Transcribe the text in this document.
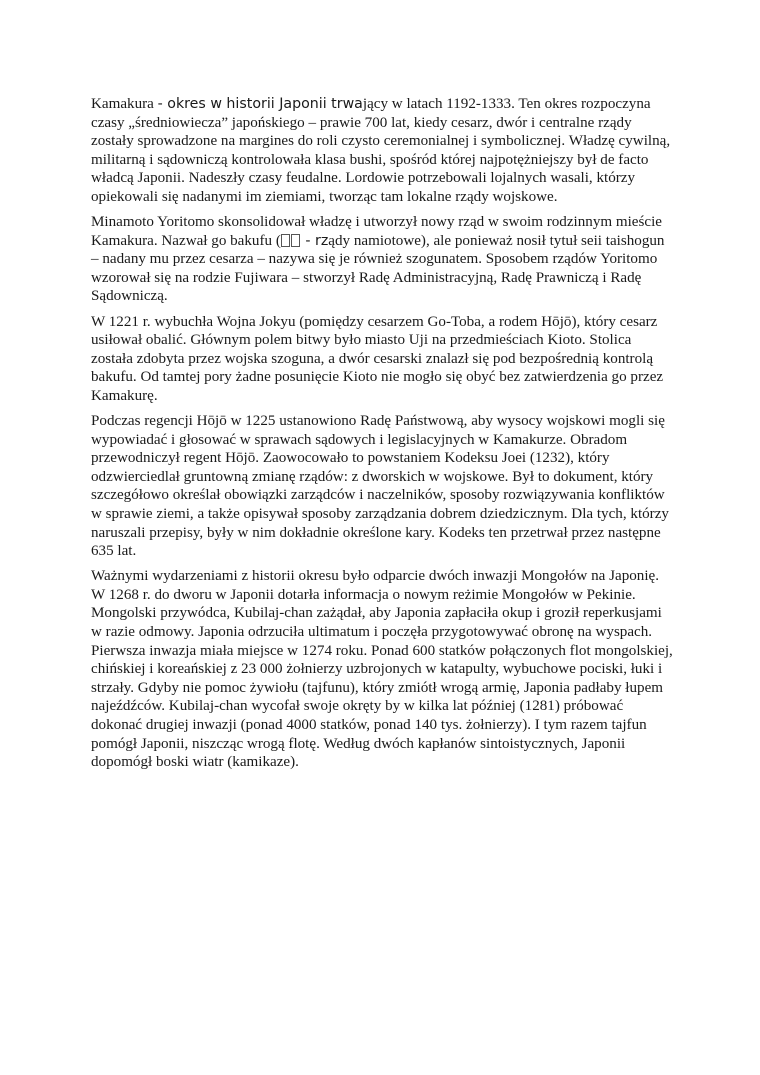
Kamakura - okres w historii Japonii trwający w latach 1192-1333. Ten okres rozpoczyna czasy „średniowiecza” japońskiego – prawie 700 lat, kiedy cesarz, dwór i centralne rządy zostały sprowadzone na margines do roli czysto ceremonialnej i symbolicznej. Władzę cywilną, militarną i sądowniczą kontrolowała klasa bushi, spośród której najpotężniejszy był de facto władcą Japonii. Nadeszły czasy feudalne. Lordowie potrzebowali lojalnych wasali, którzy opiekowali się nadanymi im ziemiami, tworząc tam lokalne rządy wojskowe.

Minamoto Yoritomo skonsolidował władzę i utworzył nowy rząd w swoim rodzinnym mieście Kamakura. Nazwał go bakufu ( - rządy namiotowe), ale ponieważ nosił tytuł seii taishogun – nadany mu przez cesarza – nazywa się je również szogunatem. Sposobem rządów Yoritomo wzorował się na rodzie Fujiwara – stworzył Radę Administracyjną, Radę Prawniczą i Radę Sądowniczą.

W 1221 r. wybuchła Wojna Jokyu (pomiędzy cesarzem Go-Toba, a rodem Hōjō), który cesarz usiłował obalić. Głównym polem bitwy było miasto Uji na przedmieściach Kioto. Stolica została zdobyta przez wojska szoguna, a dwór cesarski znalazł się pod bezpośrednią kontrolą bakufu. Od tamtej pory żadne posunięcie Kioto nie mogło się obyć bez zatwierdzenia go przez Kamakurę.

Podczas regencji Hōjō w 1225 ustanowiono Radę Państwową, aby wysocy wojskowi mogli się wypowiadać i głosować w sprawach sądowych i legislacyjnych w Kamakurze. Obradom przewodniczył regent Hōjō. Zaowocowało to powstaniem Kodeksu Joei (1232), który odzwierciedlał gruntowną zmianę rządów: z dworskich w wojskowe. Był to dokument, który szczegółowo określał obowiązki zarządców i naczelników, sposoby rozwiązywania konfliktów w sprawie ziemi, a także opisywał sposoby zarządzania dobrem dziedzicznym. Dla tych, którzy naruszali przepisy, były w nim dokładnie określone kary. Kodeks ten przetrwał przez następne 635 lat.

Ważnymi wydarzeniami z historii okresu było odparcie dwóch inwazji Mongołów na Japonię. W 1268 r. do dworu w Japonii dotarła informacja o nowym reżimie Mongołów w Pekinie. Mongolski przywódca, Kubilaj-chan zażądał, aby Japonia zapłaciła okup i groził reperkusjami w razie odmowy. Japonia odrzuciła ultimatum i poczęła przygotowywać obronę na wyspach. Pierwsza inwazja miała miejsce w 1274 roku. Ponad 600 statków połączonych flot mongolskiej, chińskiej i koreańskiej z 23 000 żołnierzy uzbrojonych w katapulty, wybuchowe pociski, łuki i strzały. Gdyby nie pomoc żywiołu (tajfunu), który zmiótł wrogą armię, Japonia padłaby łupem najeźdźców. Kubilaj-chan wycofał swoje okręty by w kilka lat później (1281) próbować dokonać drugiej inwazji (ponad 4000 statków, ponad 140 tys. żołnierzy). I tym razem tajfun pomógł Japonii, niszcząc wrogą flotę. Według dwóch kapłanów sintoistycznych, Japonii dopomógł boski wiatr (kamikaze).
